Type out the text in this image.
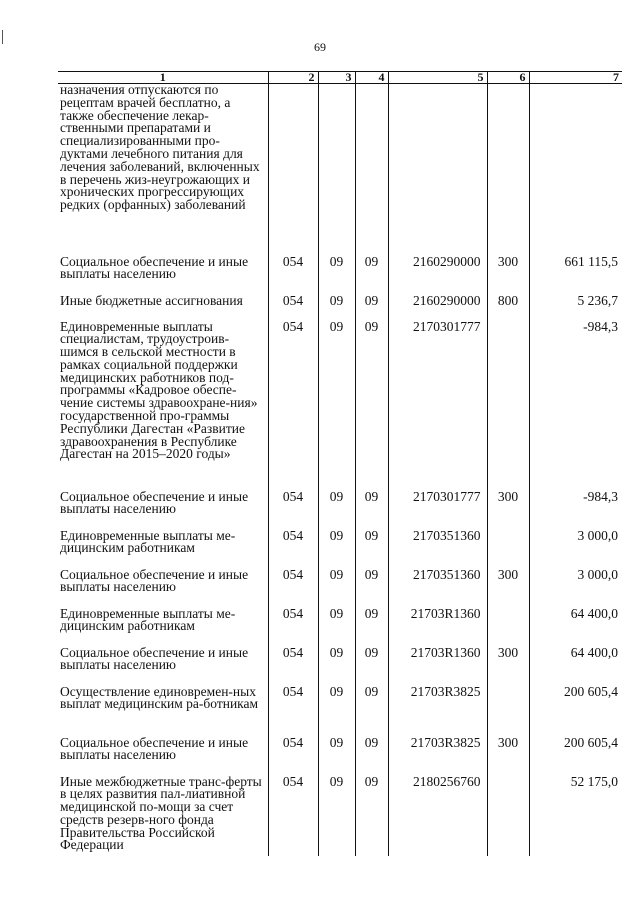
69
1	2	3	4	5	6	7
назначения отпускаются по рецептам врачей бесплатно, а также обеспечение лекар-ственными препаратами и специализированными про-дуктами лечебного питания для лечения заболеваний, включенных в перечень жиз-неугрожающих и хронических прогрессирующих редких (орфанных) заболеваний						
Социальное обеспечение и иные выплаты населению	054	09	09	2160290000	300	661 115,5
Иные бюджетные ассигнования	054	09	09	2160290000	800	5 236,7
Единовременные выплаты специалистам, трудоустроив-шимся в сельской местности в рамках социальной поддержки медицинских работников под-программы «Кадровое обеспе-чение системы здравоохране-ния» государственной про-граммы Республики Дагестан «Развитие здравоохранения в Республике Дагестан на 2015–2020 годы»	054	09	09	2170301777		-984,3
Социальное обеспечение и иные выплаты населению	054	09	09	2170301777	300	-984,3
Единовременные выплаты ме-дицинским работникам	054	09	09	2170351360		3 000,0
Социальное обеспечение и иные выплаты населению	054	09	09	2170351360	300	3 000,0
Единовременные выплаты ме-дицинским работникам	054	09	09	21703R1360		64 400,0
Социальное обеспечение и иные выплаты населению	054	09	09	21703R1360	300	64 400,0
Осуществление единовремен-ных выплат медицинским ра-ботникам	054	09	09	21703R3825		200 605,4
Социальное обеспечение и иные выплаты населению	054	09	09	21703R3825	300	200 605,4
Иные межбюджетные транс-ферты в целях развития пал-лиативной медицинской по-мощи за счет средств резерв-ного фонда Правительства Российской Федерации	054	09	09	2180256760		52 175,0
